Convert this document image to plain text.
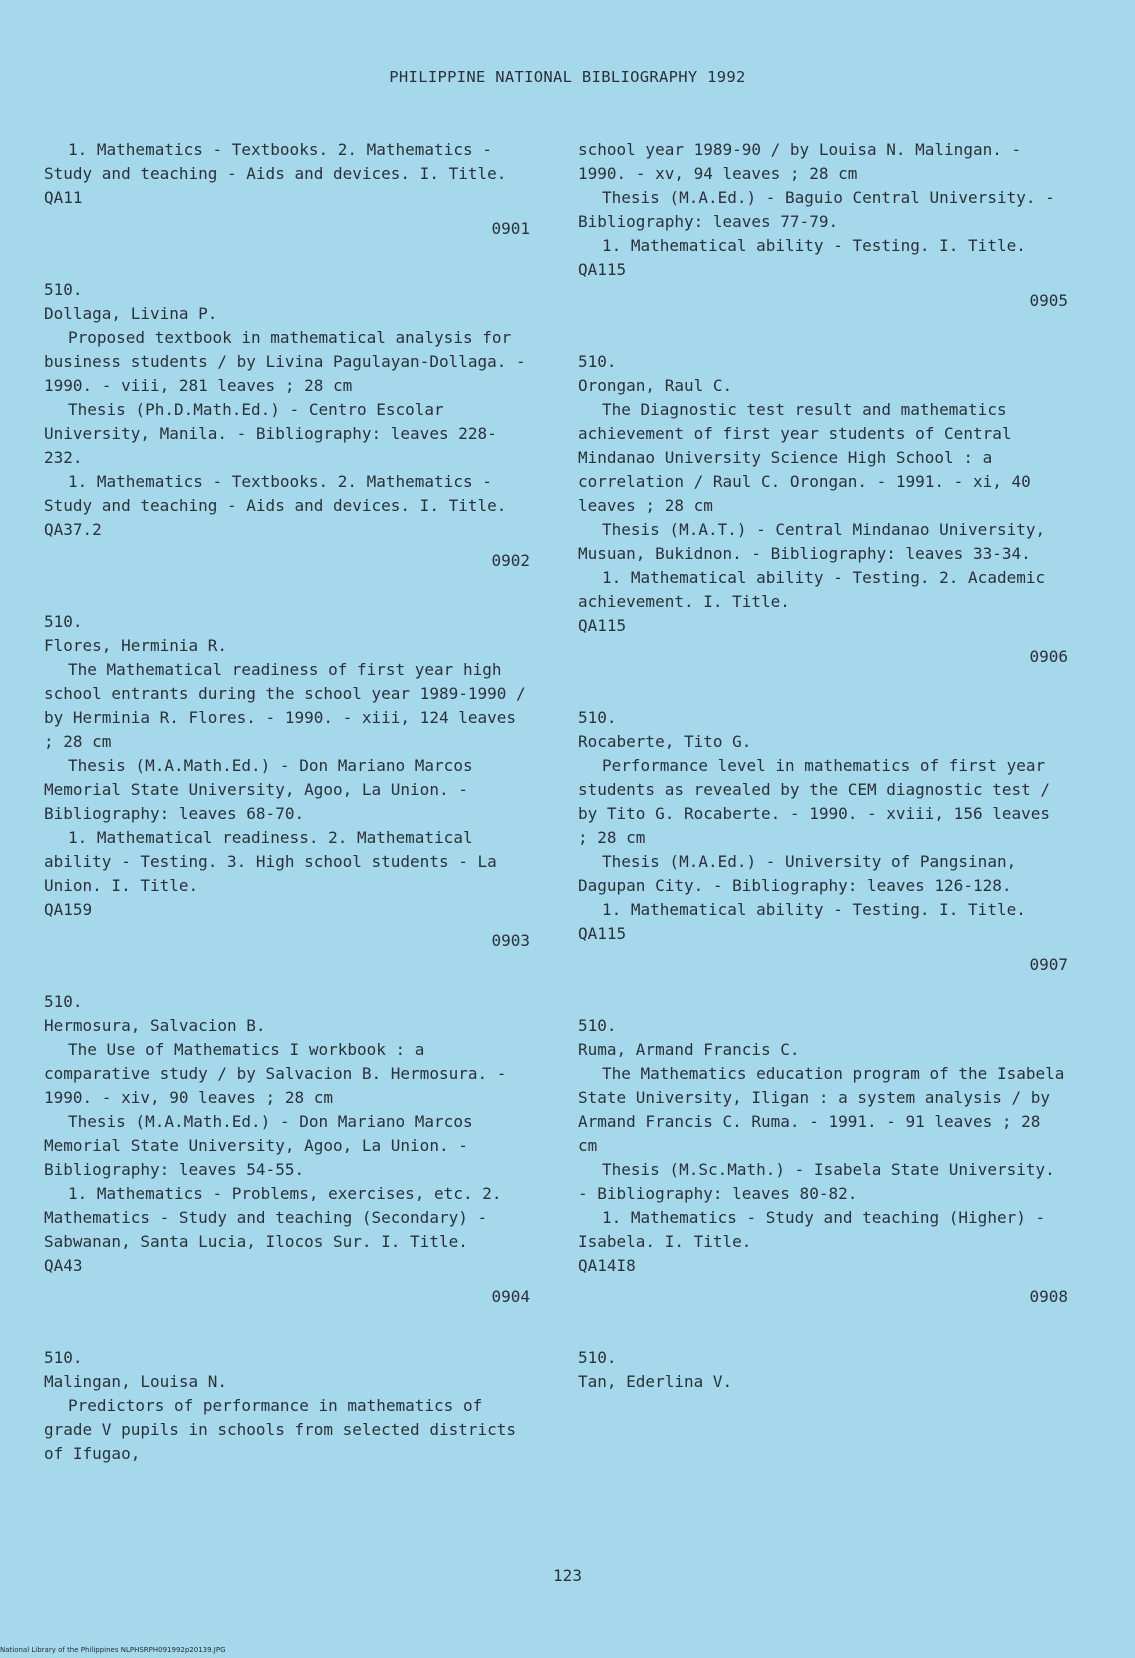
PHILIPPINE NATIONAL BIBLIOGRAPHY 1992

1. Mathematics - Textbooks. 2. Mathematics - Study and teaching - Aids and devices. I. Title.

QA11

0901

510.

Dollaga, Livina P.

Proposed textbook in mathematical analysis for business students / by Livina Pagulayan-Dollaga. - 1990. - viii, 281 leaves ; 28 cm

Thesis (Ph.D.Math.Ed.) - Centro Escolar University, Manila. - Bibliography: leaves 228-232.

1. Mathematics - Textbooks. 2. Mathematics - Study and teaching - Aids and devices. I. Title.

QA37.2

0902

510.

Flores, Herminia R.

The Mathematical readiness of first year high school entrants during the school year 1989-1990 / by Herminia R. Flores. - 1990. - xiii, 124 leaves ; 28 cm

Thesis (M.A.Math.Ed.) - Don Mariano Marcos Memorial State University, Agoo, La Union. - Bibliography: leaves 68-70.

1. Mathematical readiness. 2. Mathematical ability - Testing. 3. High school students - La Union. I. Title.

QA159

0903

510.

Hermosura, Salvacion B.

The Use of Mathematics I workbook : a comparative study / by Salvacion B. Hermosura. - 1990. - xiv, 90 leaves ; 28 cm

Thesis (M.A.Math.Ed.) - Don Mariano Marcos Memorial State University, Agoo, La Union. - Bibliography: leaves 54-55.

1. Mathematics - Problems, exercises, etc. 2. Mathematics - Study and teaching (Secondary) - Sabwanan, Santa Lucia, Ilocos Sur. I. Title.

QA43

0904

510.

Malingan, Louisa N.

Predictors of performance in mathematics of grade V pupils in schools from selected districts of Ifugao,

school year 1989-90 / by Louisa N. Malingan. - 1990. - xv, 94 leaves ; 28 cm

Thesis (M.A.Ed.) - Baguio Central University. - Bibliography: leaves 77-79.

1. Mathematical ability - Testing. I. Title.

QA115

0905

510.

Orongan, Raul C.

The Diagnostic test result and mathematics achievement of first year students of Central Mindanao University Science High School : a correlation / Raul C. Orongan. - 1991. - xi, 40 leaves ; 28 cm

Thesis (M.A.T.) - Central Mindanao University, Musuan, Bukidnon. - Bibliography: leaves 33-34.

1. Mathematical ability - Testing. 2. Academic achievement. I. Title.

QA115

0906

510.

Rocaberte, Tito G.

Performance level in mathematics of first year students as revealed by the CEM diagnostic test / by Tito G. Rocaberte. - 1990. - xviii, 156 leaves ; 28 cm

Thesis (M.A.Ed.) - University of Pangsinan, Dagupan City. - Bibliography: leaves 126-128.

1. Mathematical ability - Testing. I. Title.

QA115

0907

510.

Ruma, Armand Francis C.

The Mathematics education program of the Isabela State University, Iligan : a system analysis / by Armand Francis C. Ruma. - 1991. - 91 leaves ; 28 cm

Thesis (M.Sc.Math.) - Isabela State University. - Bibliography: leaves 80-82.

1. Mathematics - Study and teaching (Higher) - Isabela. I. Title.

QA14I8

0908

510.

Tan, Ederlina V.

123
National Library of the Philippines NLPHSRPH091992p20139.JPG
